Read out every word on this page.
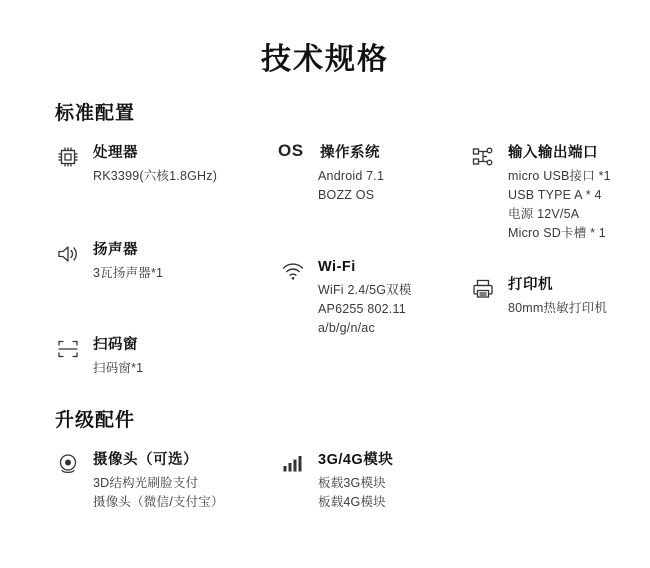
技术规格
标准配置
处理器
RK3399(六核1.8GHz)
扬声器
3瓦扬声器*1
扫码窗
扫码窗*1
OS	操作系统
Android 7.1
BOZZ OS
Wi-Fi
WiFi 2.4/5G双模
AP6255 802.11
a/b/g/n/ac
输入输出端口
micro USB接口 *1
USB TYPE A * 4
电源 12V/5A
Micro SD卡槽 * 1
打印机
80mm热敏打印机
升级配件
摄像头（可选）
3D结构光刷脸支付
摄像头（微信/支付宝）
3G/4G模块
板载3G模块
板载4G模块
